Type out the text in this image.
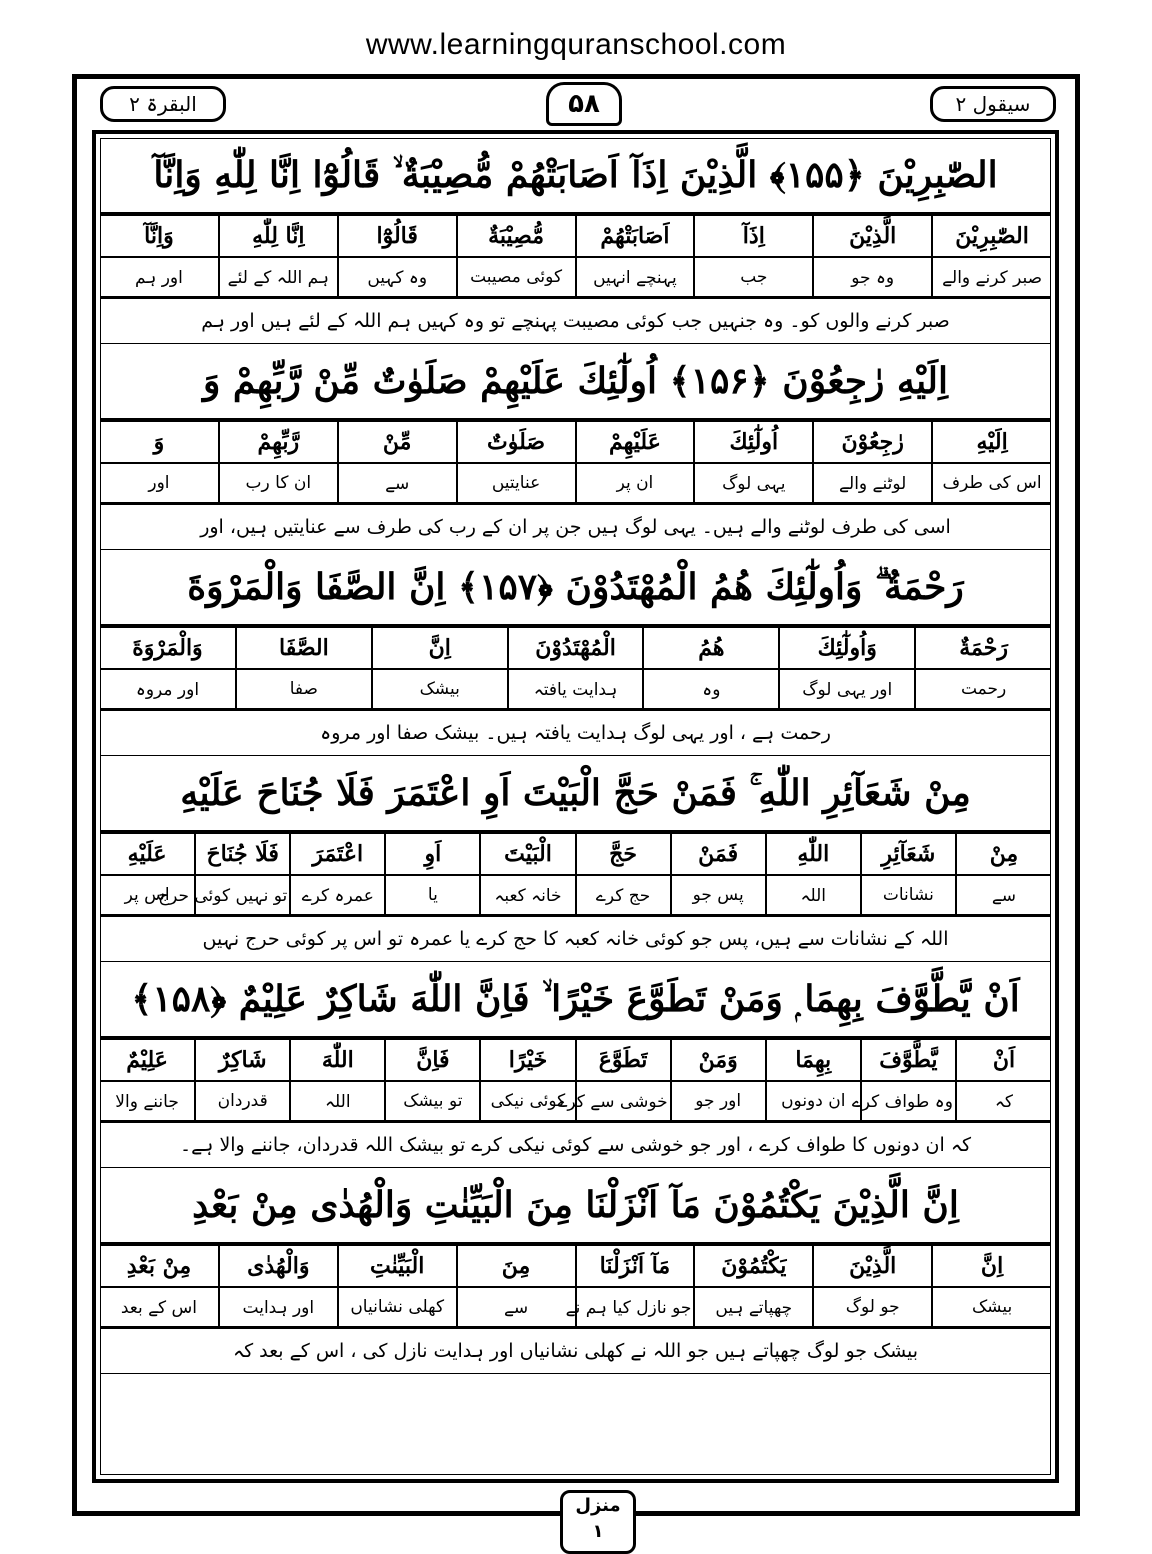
www.learningquranschool.com
البقرۃ ۲	۵۸	سیقول ۲
الصّٰبِرِيْنَ ﴿۱۵۵﴾ الَّذِيْنَ اِذَآ اَصَابَتْهُمْ مُّصِيْبَةٌ ۙ قَالُوْٓا اِنَّا لِلّٰهِ وَاِنَّآ
الصّٰبِرِيْنَ	الَّذِيْنَ	اِذَآ	اَصَابَتْهُمْ	مُّصِيْبَةٌ	قَالُوْٓا	اِنَّا لِلّٰهِ	وَاِنَّآ
صبر کرنے والے	وہ جو	جب	پہنچے انہیں	کوئی مصیبت	وہ کہیں	ہم اللہ کے لئے	اور ہم
صبر کرنے والوں کو۔ وہ جنہیں جب کوئی مصیبت پہنچے تو وہ کہیں ہم اللہ کے لئے ہیں اور ہم
اِلَيْهِ رٰجِعُوْنَ ﴿۱۵۶﴾ اُولٰٓئِكَ عَلَيْهِمْ صَلَوٰتٌ مِّنْ رَّبِّهِمْ وَ
اِلَيْهِ	رٰجِعُوْنَ	اُولٰٓئِكَ	عَلَيْهِمْ	صَلَوٰتٌ	مِّنْ	رَّبِّهِمْ	وَ
اس کی طرف	لوٹنے والے	یہی لوگ	ان پر	عنایتیں	سے	ان کا رب	اور
اسی کی طرف لوٹنے والے ہیں۔ یہی لوگ ہیں جن پر ان کے رب کی طرف سے عنایتیں ہیں، اور
رَحْمَةٌ ۗ وَاُولٰٓئِكَ هُمُ الْمُهْتَدُوْنَ ﴿۱۵۷﴾ اِنَّ الصَّفَا وَالْمَرْوَةَ
رَحْمَةٌ	وَاُولٰٓئِكَ	هُمُ	الْمُهْتَدُوْنَ	اِنَّ	الصَّفَا	وَالْمَرْوَةَ
رحمت	اور یہی لوگ	وہ	ہدایت یافتہ	بیشک	صفا	اور مروہ
رحمت ہے ، اور یہی لوگ ہدایت یافتہ ہیں۔ بیشک صفا اور مروہ
مِنْ شَعَآئِرِ اللّٰهِ ۚ فَمَنْ حَجَّ الْبَيْتَ اَوِ اعْتَمَرَ فَلَا جُنَاحَ عَلَيْهِ
مِنْ	شَعَآئِرِ	اللّٰهِ	فَمَنْ	حَجَّ	الْبَيْتَ	اَوِ	اعْتَمَرَ	فَلَا جُنَاحَ	عَلَيْهِ
سے	نشانات	اللہ	پس جو	حج کرے	خانہ کعبہ	یا	عمرہ کرے	تو نہیں کوئی حرج	اس پر
اللہ کے نشانات سے ہیں، پس جو کوئی خانہ کعبہ کا حج کرے یا عمرہ تو اس پر کوئی حرج نہیں
اَنْ يَّطَّوَّفَ بِهِمَا ۭ وَمَنْ تَطَوَّعَ خَيْرًا ۙ فَاِنَّ اللّٰهَ شَاكِرٌ عَلِيْمٌ ﴿۱۵۸﴾
اَنْ	يَّطَّوَّفَ	بِهِمَا	وَمَنْ	تَطَوَّعَ	خَيْرًا	فَاِنَّ	اللّٰهَ	شَاكِرٌ	عَلِيْمٌ
کہ	وہ طواف کرے	ان دونوں	اور جو	خوشی سے کرے	کوئی نیکی	تو بیشک	اللہ	قدردان	جاننے والا
کہ ان دونوں کا طواف کرے ، اور جو خوشی سے کوئی نیکی کرے تو بیشک اللہ قدردان، جاننے والا ہے۔
اِنَّ الَّذِيْنَ يَكْتُمُوْنَ مَآ اَنْزَلْنَا مِنَ الْبَيِّنٰتِ وَالْهُدٰى مِنْ بَعْدِ
اِنَّ	الَّذِيْنَ	يَكْتُمُوْنَ	مَآ اَنْزَلْنَا	مِنَ	الْبَيِّنٰتِ	وَالْهُدٰى	مِنْ بَعْدِ
بیشک	جو لوگ	چھپاتے ہیں	جو نازل کیا ہم نے	سے	کھلی نشانیاں	اور ہدایت	اس کے بعد
بیشک جو لوگ چھپاتے ہیں جو اللہ نے کھلی نشانیاں اور ہدایت نازل کی ، اس کے بعد کہ
منزل
۱
